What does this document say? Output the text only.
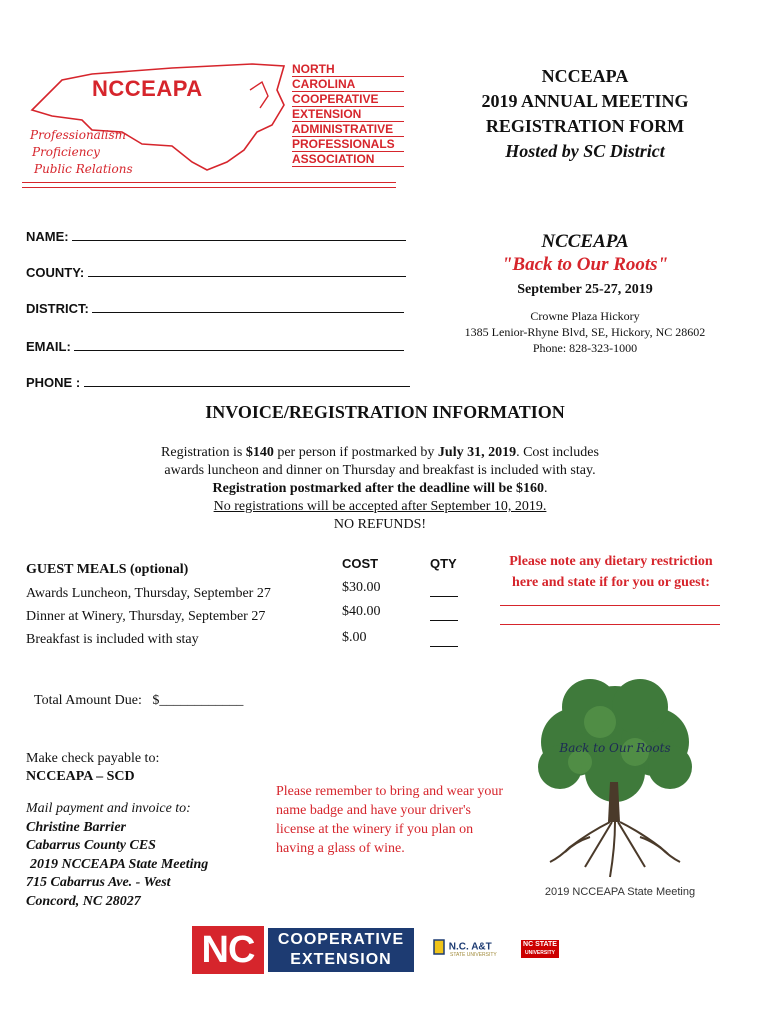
NCCEAPA
NORTH
CAROLINA
COOPERATIVE
EXTENSION
ADMINISTRATIVE
PROFESSIONALS
ASSOCIATION
Professionalism
Proficiency
Public Relations
NCCEAPA
2019 ANNUAL MEETING
REGISTRATION FORM
Hosted by SC District
NAME:
COUNTY:
DISTRICT:
EMAIL:
PHONE :
NCCEAPA
"Back to Our Roots"
September 25-27, 2019
Crowne Plaza Hickory
1385 Lenior-Rhyne Blvd, SE, Hickory, NC 28602
Phone: 828-323-1000
INVOICE/REGISTRATION INFORMATION
Registration is $140 per person if postmarked by July 31, 2019. Cost includes
awards luncheon and dinner on Thursday and breakfast is included with stay.
Registration postmarked after the deadline will be $160.
No registrations will be accepted after September 10, 2019.
NO REFUNDS!
GUEST MEALS (optional)	COST	QTY
Awards Luncheon, Thursday, September 27	$30.00
Dinner at Winery, Thursday, September 27	$40.00
Breakfast is included with stay	$.00
Please note any dietary restriction
here and state if for you or guest:
Total Amount Due: $____________
Make check payable to:
NCCEAPA – SCD
Mail payment and invoice to:
Christine Barrier
Cabarrus County CES
2019 NCCEAPA State Meeting
715 Cabarrus Ave. - West
Concord, NC 28027
Please remember to bring and wear your name badge and have your driver's license at the winery if you plan on having a glass of wine.
Back to Our Roots
2019 NCCEAPA State Meeting
NC	COOPERATIVE
EXTENSION
N.C. A&T
STATE UNIVERSITY
NC STATE
UNIVERSITY
